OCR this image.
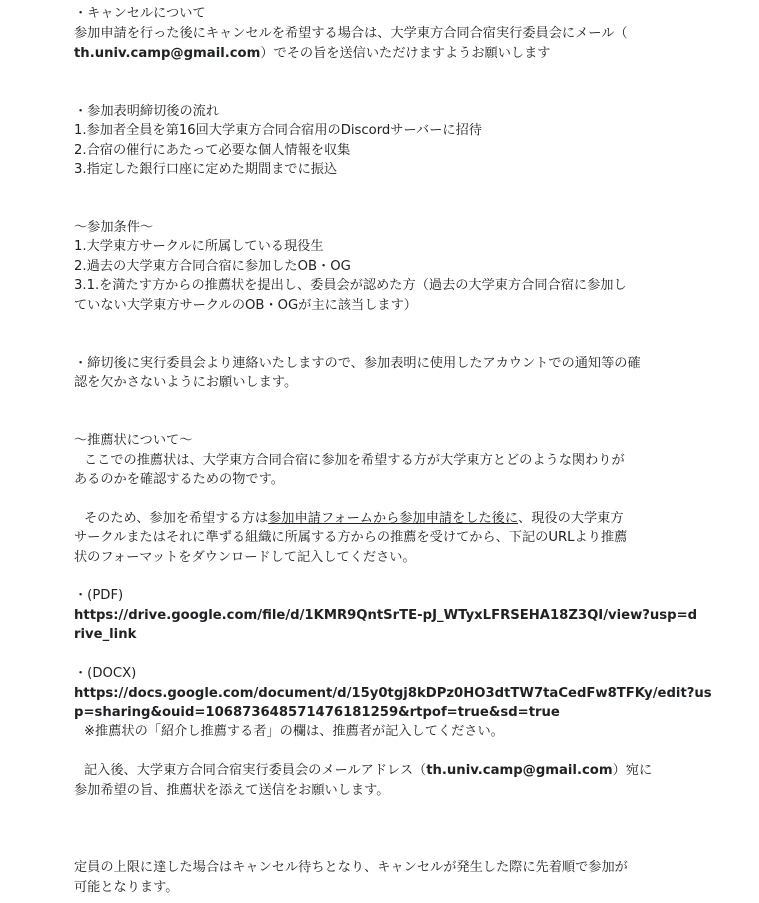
・キャンセルについて
参加申請を行った後にキャンセルを希望する場合は、大学東方合同合宿実行委員会にメール（
th.univ.camp@gmail.com）でその旨を送信いただけますようお願いします
・参加表明締切後の流れ
1.参加者全員を第16回大学東方合同合宿用のDiscordサーバーに招待
2.合宿の催行にあたって必要な個人情報を収集
3.指定した銀行口座に定めた期間までに振込
〜参加条件〜
1.大学東方サークルに所属している現役生
2.過去の大学東方合同合宿に参加したOB・OG
3.1.を満たす方からの推薦状を提出し、委員会が認めた方（過去の大学東方合同合宿に参加し
ていない大学東方サークルのOB・OGが主に該当します）
・締切後に実行委員会より連絡いたしますので、参加表明に使用したアカウントでの通知等の確
認を欠かさないようにお願いします。
〜推薦状について〜
ここでの推薦状は、大学東方合同合宿に参加を希望する方が大学東方とどのような関わりが
あるのかを確認するための物です。
そのため、参加を希望する方は参加申請フォームから参加申請をした後に、現役の大学東方
サークルまたはそれに準ずる組織に所属する方からの推薦を受けてから、下記のURLより推薦
状のフォーマットをダウンロードして記入してください。
・(PDF)
https://drive.google.com/file/d/1KMR9QntSrTE-pJ_WTyxLFRSEHA18Z3QI/view?usp=d
rive_link
・(DOCX)
https://docs.google.com/document/d/15y0tgj8kDPz0HO3dtTW7taCedFw8TFKy/edit?us
p=sharing&ouid=106873648571476181259&rtpof=true&sd=true
※推薦状の「紹介し推薦する者」の欄は、推薦者が記入してください。
記入後、大学東方合同合宿実行委員会のメールアドレス（th.univ.camp@gmail.com）宛に
参加希望の旨、推薦状を添えて送信をお願いします。
定員の上限に達した場合はキャンセル待ちとなり、キャンセルが発生した際に先着順で参加が
可能となります。
